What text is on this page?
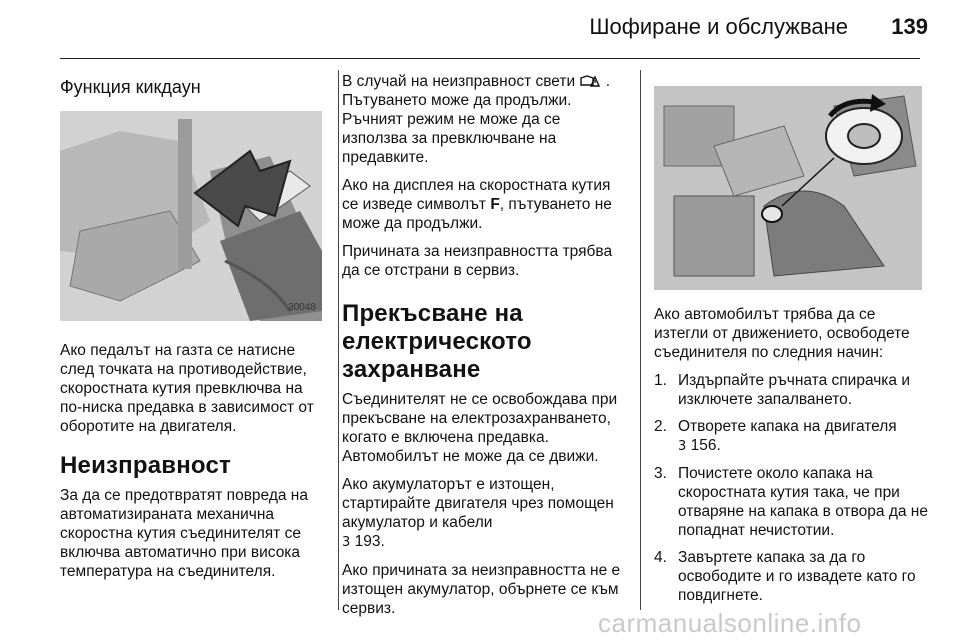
Шофиране и обслужване	139
Функция кикдаун
30048

Ако педалът на газта се натисне след точката на противодействие, скоростната кутия превключва на по-ниска предавка в зависимост от оборотите на двигателя.

Неизправност

За да се предотвратят повреда на автоматизираната механична скоростна кутия съединителят се включва автоматично при висока температура на съединителя.

В случай на неизправност свети . Пътуването може да продължи. Ръчният режим не може да се използва за превключване на предавките.

Ако на дисплея на скоростната кутия се изведе символът F, пътуването не може да продължи.

Причината за неизправността трябва да се отстрани в сервиз.

Прекъсване на електрическото захранване

Съединителят не се освобождава при прекъсване на електрозахранването, когато е включена предавка. Автомобилът не може да се движи.

Ако акумулаторът е изтощен, стартирайте двигателя чрез помощен акумулатор и кабели
3 193.

Ако причината за неизправността не е изтощен акумулатор, обърнете се към сервиз.

Ако автомобилът трябва да се изтегли от движението, освободете съединителя по следния начин:

1. Издърпайте ръчната спирачка и изключете запалването.
2. Отворете капака на двигателя
3 156.
3. Почистете около капака на скоростната кутия така, че при отваряне на капака в отвора да не попаднат нечистотии.
4. Завъртете капака за да го освободите и го извадете като го повдигнете.
carmanualsonline.info
